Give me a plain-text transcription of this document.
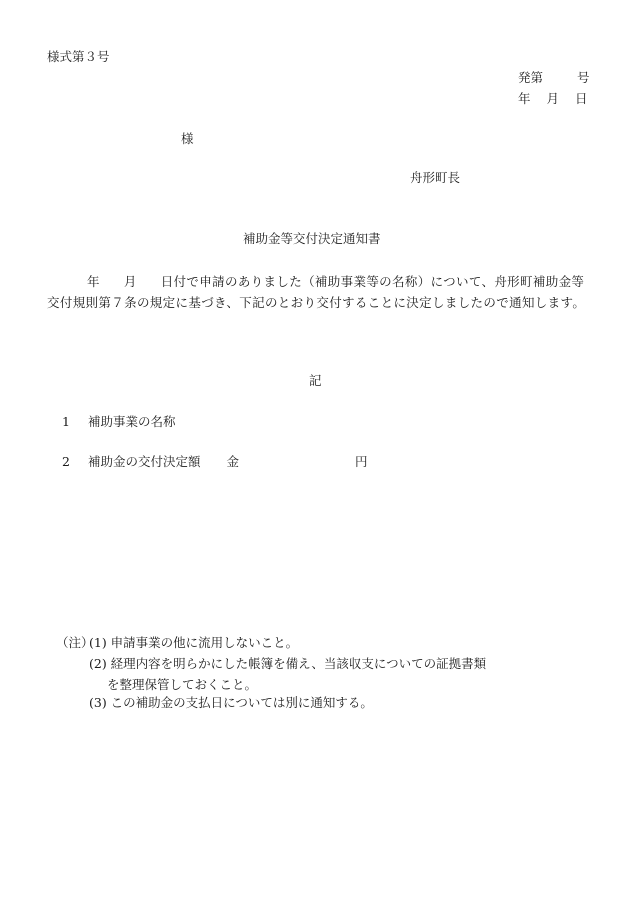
様式第３号
発第	号
年 月 日
様
舟形町長
補助金等交付決定通知書
年 月 日付で申請のありました（補助事業等の名称）について、舟形町補助金等交付規則第７条の規定に基づき、下記のとおり交付することに決定しましたので通知します。
記
1 補助事業の名称
2 補助金の交付決定額 金	円
（注）
(1) 申請事業の他に流用しないこと。
(2) 経理内容を明らかにした帳簿を備え、当該収支についての証拠書類
を整理保管しておくこと。
(3) この補助金の支払日については別に通知する。
